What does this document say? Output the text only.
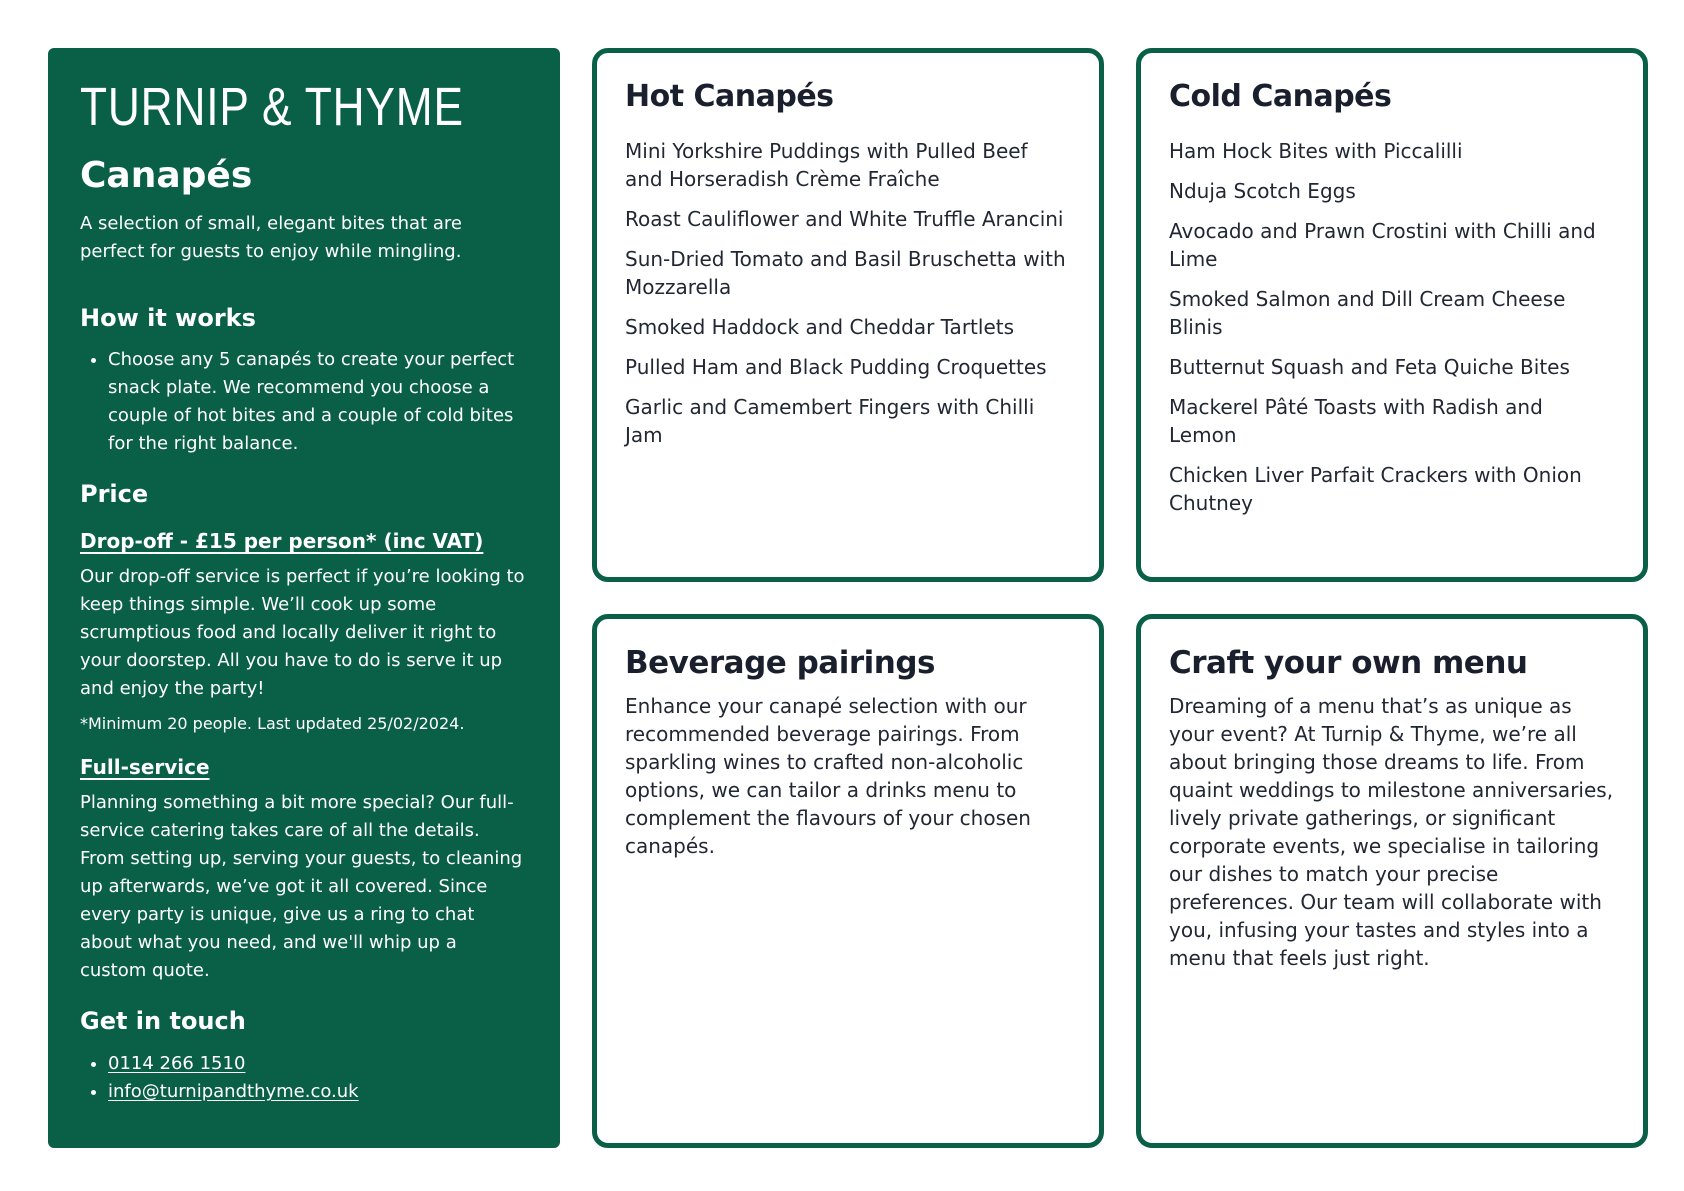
TURNIP & THYME
Canapés

A selection of small, elegant bites that are perfect for guests to enjoy while mingling.

How it works
• Choose any 5 canapés to create your perfect snack plate. We recommend you choose a couple of hot bites and a couple of cold bites for the right balance.
Price
Drop-off - £15 per person* (inc VAT)

Our drop-off service is perfect if you’re looking to keep things simple. We’ll cook up some scrumptious food and locally deliver it right to your doorstep. All you have to do is serve it up and enjoy the party!

*Minimum 20 people. Last updated 25/02/2024.

Full-service

Planning something a bit more special? Our full-service catering takes care of all the details. From setting up, serving your guests, to cleaning up afterwards, we’ve got it all covered. Since every party is unique, give us a ring to chat about what you need, and we'll whip up a custom quote.

Get in touch
• 0114 266 1510
• info@turnipandthyme.co.uk
Hot Canapés

Mini Yorkshire Puddings with Pulled Beef and Horseradish Crème Fraîche

Roast Cauliflower and White Truffle Arancini

Sun-Dried Tomato and Basil Bruschetta with Mozzarella

Smoked Haddock and Cheddar Tartlets

Pulled Ham and Black Pudding Croquettes

Garlic and Camembert Fingers with Chilli Jam

Cold Canapés

Ham Hock Bites with Piccalilli

Nduja Scotch Eggs

Avocado and Prawn Crostini with Chilli and Lime

Smoked Salmon and Dill Cream Cheese Blinis

Butternut Squash and Feta Quiche Bites

Mackerel Pâté Toasts with Radish and Lemon

Chicken Liver Parfait Crackers with Onion Chutney

Beverage pairings

Enhance your canapé selection with our recommended beverage pairings. From sparkling wines to crafted non-alcoholic options, we can tailor a drinks menu to complement the flavours of your chosen canapés.

Craft your own menu

Dreaming of a menu that’s as unique as your event? At Turnip & Thyme, we’re all about bringing those dreams to life. From quaint weddings to milestone anniversaries, lively private gatherings, or significant corporate events, we specialise in tailoring our dishes to match your precise preferences. Our team will collaborate with you, infusing your tastes and styles into a menu that feels just right.
